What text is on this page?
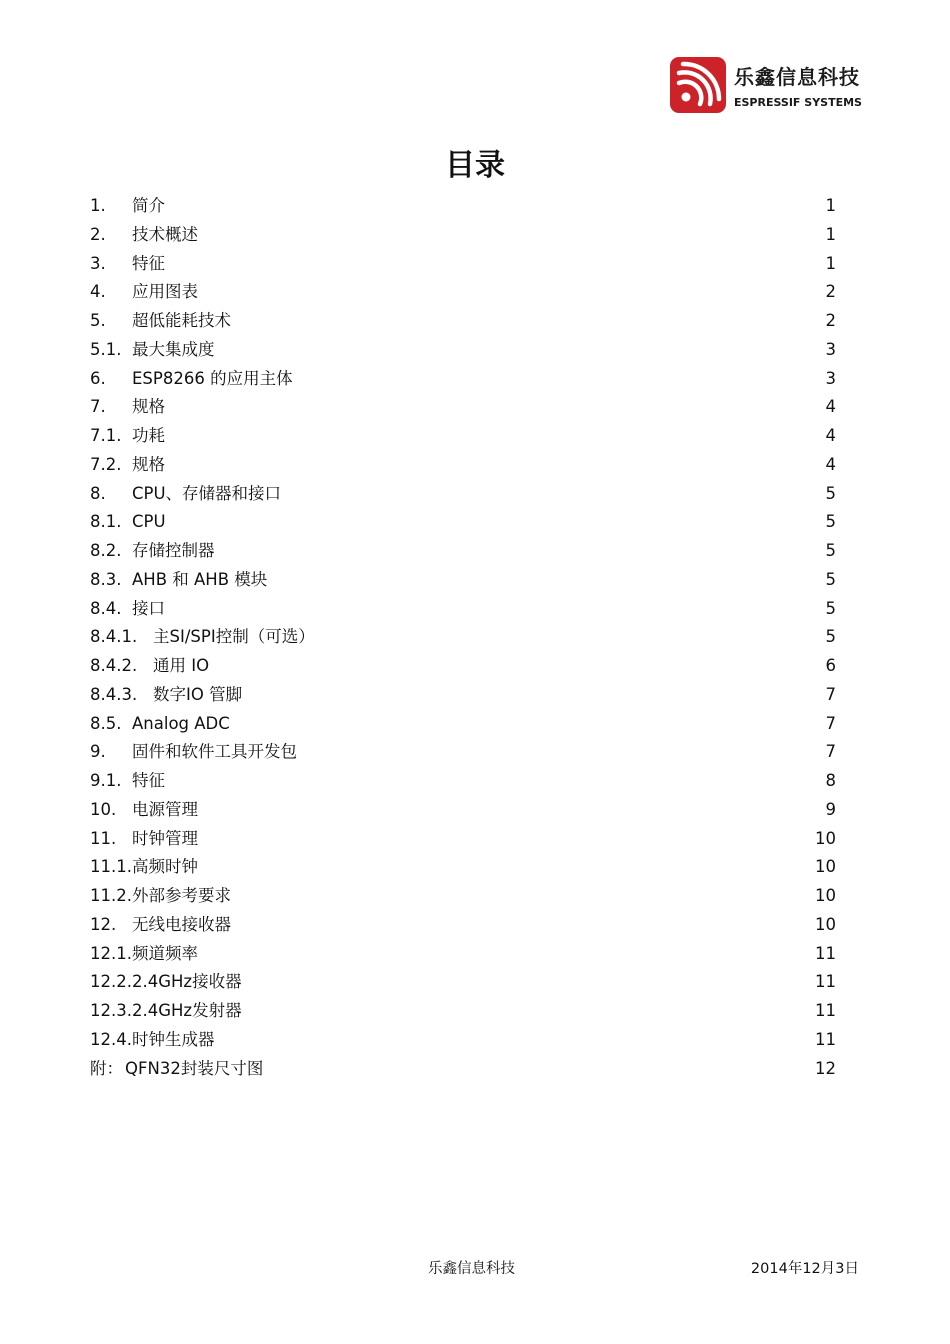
乐鑫信息科技
ESPRESSIF SYSTEMS
目录
1. 简介	1
2. 技术概述	1
3. 特征	1
4. 应用图表	2
5. 超低能耗技术	2
5.1. 最大集成度	3
6. ESP8266 的应用主体	3
7. 规格	4
7.1. 功耗	4
7.2. 规格	4
8. CPU、存储器和接口	5
8.1. CPU	5
8.2. 存储控制器	5
8.3. AHB 和 AHB 模块	5
8.4. 接口	5
8.4.1. 主SI/SPI控制（可选）	5
8.4.2. 通用 IO	6
8.4.3. 数字IO 管脚	7
8.5. Analog ADC	7
9. 固件和软件工具开发包	7
9.1. 特征	8
10. 电源管理	9
11. 时钟管理	10
11.1. 高频时钟	10
11.2. 外部参考要求	10
12. 无线电接收器	10
12.1. 频道频率	11
12.2. 2.4GHz接收器	11
12.3. 2.4GHz发射器	11
12.4. 时钟生成器	11
附： QFN32封装尺寸图	12
乐鑫信息科技	2014年12月3日
